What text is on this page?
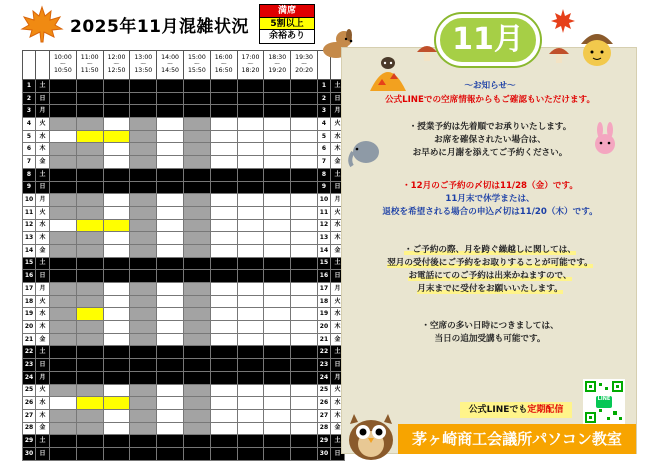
2025年11月混雑状況
満席
5割以上
余裕あり

		10:00
～
10:50	11:00
～
11:50	12:00
～
12:50	13:00
～
13:50	14:00
～
14:50	15:00
～
15:50	16:00
～
16:50	17:00
～
18:20	18:30
～
19:20	19:30
～
20:20		

1	土											1	土
2	日											2	日
3	月											3	月
4	火											4	火
5	水											5	水
6	木											6	木
7	金											7	金
8	土											8	土
9	日											9	日
10	月											10	月
11	火											11	火
12	水											12	水
13	木											13	木
14	金											14	金
15	土											15	土
16	日											16	日
17	月											17	月
18	火											18	火
19	水											19	水
20	木											20	木
21	金											21	金
22	土											22	土
23	日											23	日
24	月											24	月
25	火											25	火
26	水											26	水
27	木											27	木
28	金											28	金
29	土											29	土
30	日											30	日
11月
～お知らせ～
公式LINEでの空席情報からもご確認もいただけます。
・授業予約は先着順でお承りいたします。
お席を確保されたい場合は、
お早めに月謝を添えてご予約ください。
・12月のご予約の〆切は11/28（金）です。
11月末で休学または、
退校を希望される場合の申込〆切は11/20（木）です。
・ご予約の際、月を跨ぐ繰越しに関しては、
翌月の受付後にご予約をお取りすることが可能です。
お電話にてのご予約は出来かねますので、
月末までに受付をお願いいたします。
・空席の多い日時につきましては、
当日の追加受講も可能です。
公式LINEでも定期配信
LINE
茅ヶ崎商工会議所パソコン教室
